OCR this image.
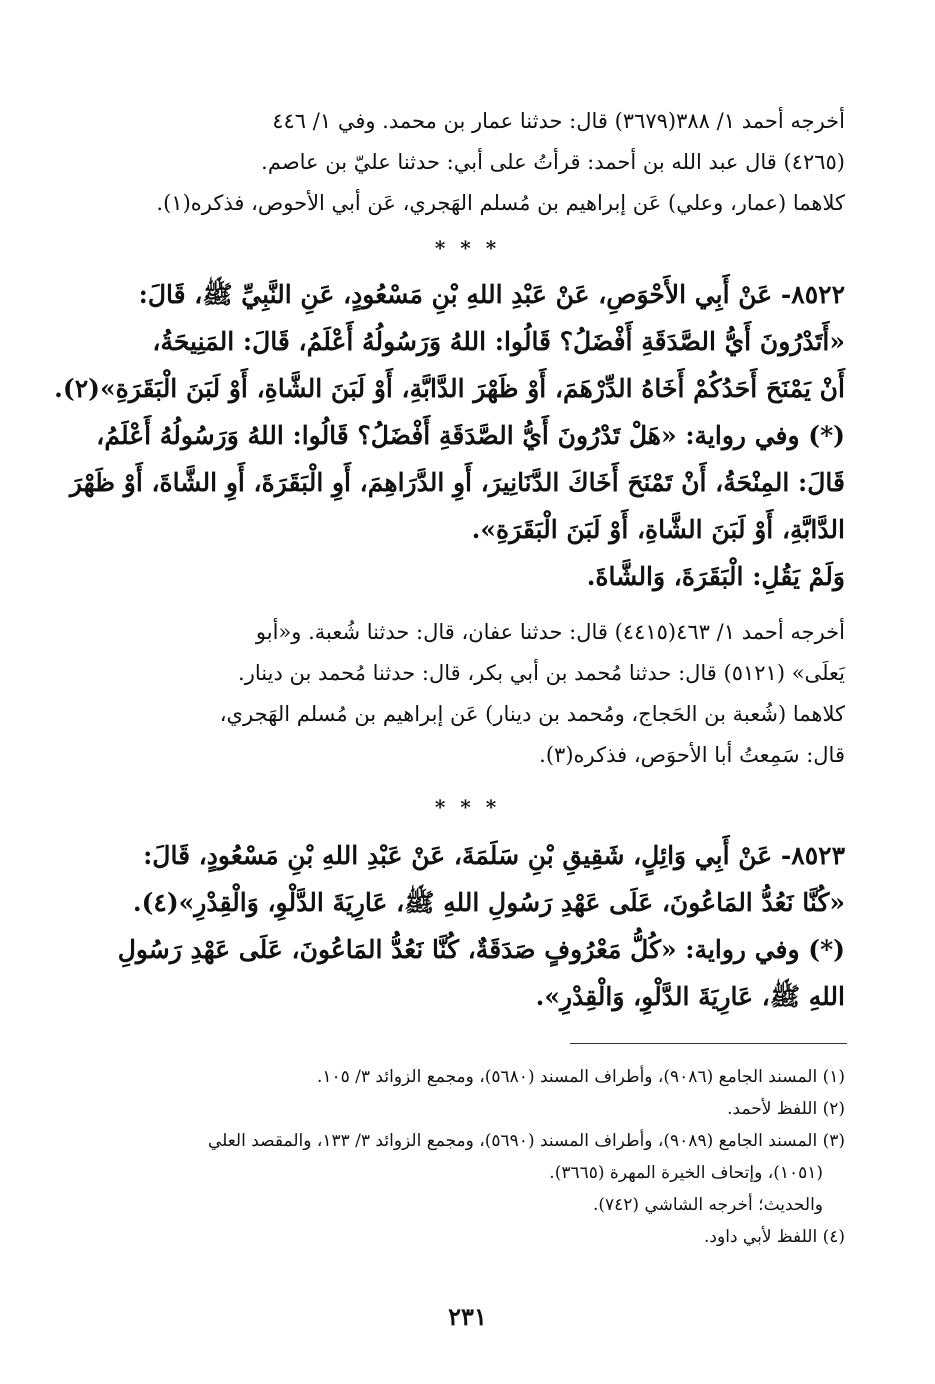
أخرجه أحمد ١/ ٣٨٨(٣٦٧٩) قال: حدثنا عمار بن محمد. وفي ١/ ٤٤٦
(٤٢٦٥) قال عبد الله بن أحمد: قرأتُ على أبي: حدثنا عليّ بن عاصم.
كلاهما (عمار، وعلي) عَن إبراهيم بن مُسلم الهَجري، عَن أبي الأحوص، فذكره(١).
* * *
٨٥٢٢- عَنْ أَبِي الأَحْوَصِ، عَنْ عَبْدِ اللهِ بْنِ مَسْعُودٍ، عَنِ النَّبِيِّ ﷺ، قَالَ:
«أَتَدْرُونَ أَيُّ الصَّدَقَةِ أَفْضَلُ؟ قَالُوا: اللهُ وَرَسُولُهُ أَعْلَمُ، قَالَ: المَنِيحَةُ،
أَنْ يَمْنَحَ أَحَدُكُمْ أَخَاهُ الدِّرْهَمَ، أَوْ ظَهْرَ الدَّابَّةِ، أَوْ لَبَنَ الشَّاةِ، أَوْ لَبَنَ الْبَقَرَةِ»(٢).
(*) وفي رواية: «هَلْ تَدْرُونَ أَيُّ الصَّدَقَةِ أَفْضَلُ؟ قَالُوا: اللهُ وَرَسُولُهُ أَعْلَمُ،
قَالَ: المِنْحَةُ، أَنْ تَمْنَحَ أَخَاكَ الدَّنَانِيرَ، أَوِ الدَّرَاهِمَ، أَوِ الْبَقَرَةَ، أَوِ الشَّاةَ، أَوْ ظَهْرَ
الدَّابَّةِ، أَوْ لَبَنَ الشَّاةِ، أَوْ لَبَنَ الْبَقَرَةِ».
وَلَمْ يَقُلِ: الْبَقَرَةَ، وَالشَّاةَ.
أخرجه أحمد ١/ ٤٦٣(٤٤١٥) قال: حدثنا عفان، قال: حدثنا شُعبة. و«أبو
يَعلَى» (٥١٢١) قال: حدثنا مُحمد بن أبي بكر، قال: حدثنا مُحمد بن دينار.
كلاهما (شُعبة بن الحَجاج، ومُحمد بن دينار) عَن إبراهيم بن مُسلم الهَجري،
قال: سَمِعتُ أبا الأحوَص، فذكره(٣).
* * *
٨٥٢٣- عَنْ أَبِي وَائِلٍ، شَقِيقِ بْنِ سَلَمَةَ، عَنْ عَبْدِ اللهِ بْنِ مَسْعُودٍ، قَالَ:
«كُنَّا نَعُدُّ المَاعُونَ، عَلَى عَهْدِ رَسُولِ اللهِ ﷺ، عَارِيَةَ الدَّلْوِ، وَالْقِدْرِ»(٤).
(*) وفي رواية: «كُلُّ مَعْرُوفٍ صَدَقَةٌ، كُنَّا نَعُدُّ المَاعُونَ، عَلَى عَهْدِ رَسُولِ
اللهِ ﷺ، عَارِيَةَ الدَّلْوِ، وَالْقِدْرِ».
(١) المسند الجامع (٩٠٨٦)، وأطراف المسند (٥٦٨٠)، ومجمع الزوائد ٣/ ١٠٥.
(٢) اللفظ لأحمد.
(٣) المسند الجامع (٩٠٨٩)، وأطراف المسند (٥٦٩٠)، ومجمع الزوائد ٣/ ١٣٣، والمقصد العلي
(١٠٥١)، وإتحاف الخيرة المهرة (٣٦٦٥).
والحديث؛ أخرجه الشاشي (٧٤٢).
(٤) اللفظ لأبي داود.
٢٣١
